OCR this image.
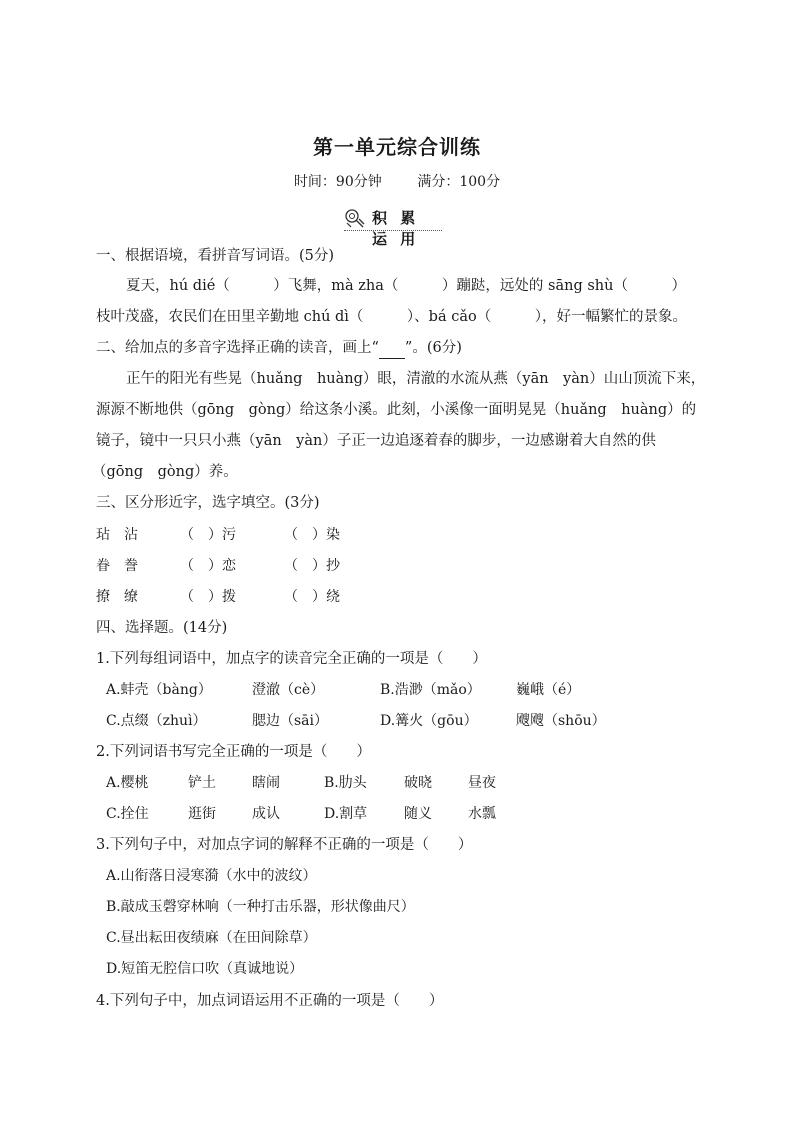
第一单元综合训练
时间：90分钟	满分：100分
积 累 运 用
一、根据语境，看拼音写词语。(5分)
夏天，hú dié（　　　）飞舞，mà zha（　　　）蹦跶，远处的 sāng shù（　　　）
枝叶茂盛，农民们在田里辛勤地 chú dì（　　　）、bá cǎo（　　　），好一幅繁忙的景象。
二、给加点的多音字选择正确的读音，画上“ ”。(6分)
正午的阳光有些晃（huǎng　huàng）眼，清澈的水流从燕（yān　yàn）山山顶流下来，
源源不断地供（gōng　gòng）给这条小溪。此刻，小溪像一面明晃晃（huǎng　huàng）的
镜子，镜中一只只小燕（yān　yàn）子正一边追逐着春的脚步，一边感谢着大自然的供
（gōng　gòng）养。
三、区分形近字，选字填空。(3分)
玷　沾	（　）污	（　）染
眷　誊	（　）恋	（　）抄
撩　缭	（　）拨	（　）绕
四、选择题。(14分)
1.下列每组词语中，加点字的读音完全正确的一项是（　　）
A.蚌壳（bàng）	澄澈（cè）	B.浩渺（mǎo）	巍峨（é）
C.点缀（zhuì）	腮边（sāi）	D.篝火（gōu）	飕飕（shōu）
2.下列词语书写完全正确的一项是（　　）
A.樱桃	铲土	瞎闹	B.肋头	破晓	昼夜
C.拴住	逛街	成认	D.割草	随义	水瓢
3.下列句子中，对加点字词的解释不正确的一项是（　　）
A.山衔落日浸寒漪（水中的波纹）
B.敲成玉磬穿林响（一种打击乐器，形状像曲尺）
C.昼出耘田夜绩麻（在田间除草）
D.短笛无腔信口吹（真诚地说）
4.下列句子中，加点词语运用不正确的一项是（　　）
